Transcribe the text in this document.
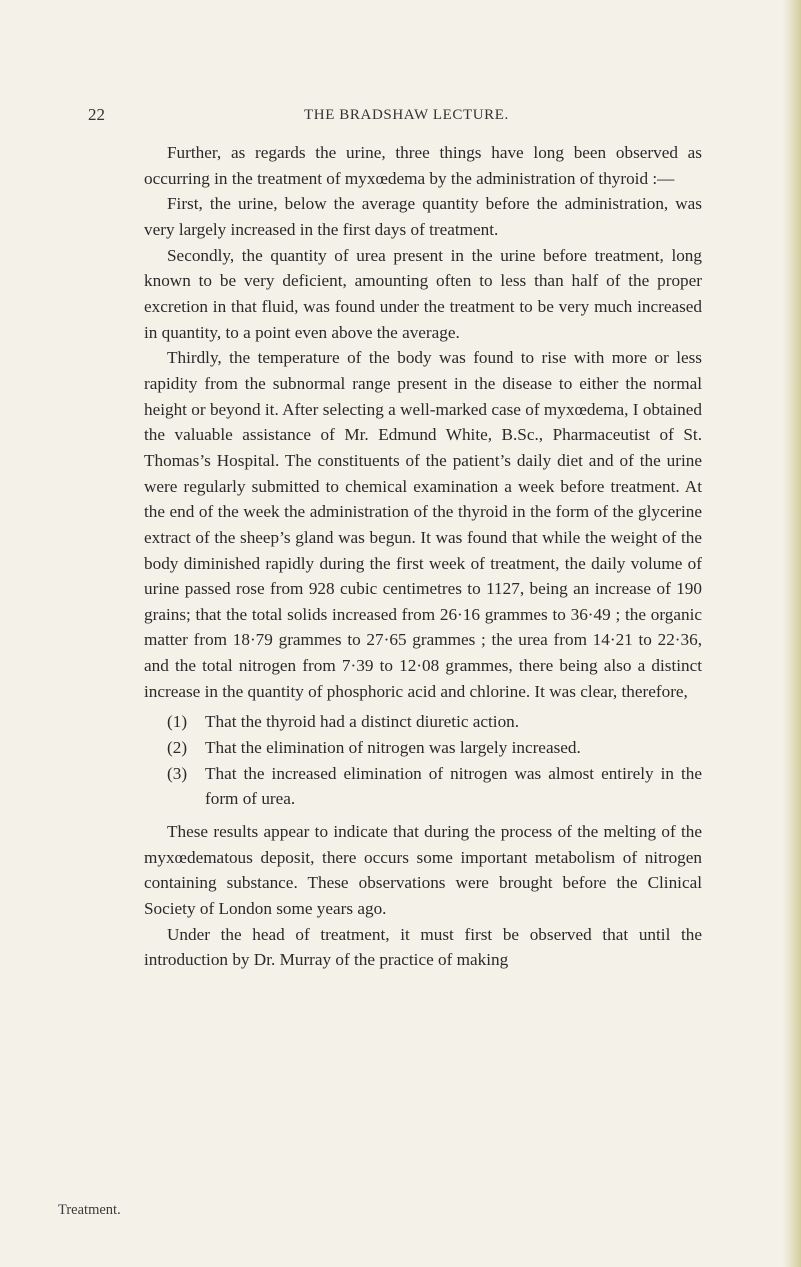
22	THE BRADSHAW LECTURE.

Further, as regards the urine, three things have long been observed as occurring in the treatment of myxœdema by the administration of thyroid :—

First, the urine, below the average quantity before the administration, was very largely increased in the first days of treatment.

Secondly, the quantity of urea present in the urine before treatment, long known to be very deficient, amounting often to less than half of the proper excretion in that fluid, was found under the treatment to be very much increased in quantity, to a point even above the average.

Thirdly, the temperature of the body was found to rise with more or less rapidity from the subnormal range present in the disease to either the normal height or beyond it. After selecting a well-marked case of myxœdema, I obtained the valuable assistance of Mr. Edmund White, B.Sc., Pharmaceutist of St. Thomas’s Hospital. The constituents of the patient’s daily diet and of the urine were regularly submitted to chemical examination a week before treatment. At the end of the week the administration of the thyroid in the form of the glycerine extract of the sheep’s gland was begun. It was found that while the weight of the body diminished rapidly during the first week of treatment, the daily volume of urine passed rose from 928 cubic centimetres to 1127, being an increase of 190 grains; that the total solids increased from 26·16 grammes to 36·49 ; the organic matter from 18·79 grammes to 27·65 grammes ; the urea from 14·21 to 22·36, and the total nitrogen from 7·39 to 12·08 grammes, there being also a distinct increase in the quantity of phosphoric acid and chlorine. It was clear, therefore,

(1) That the thyroid had a distinct diuretic action.
(2) That the elimination of nitrogen was largely increased.
(3) That the increased elimination of nitrogen was almost entirely in the form of urea.

These results appear to indicate that during the process of the melting of the myxœdematous deposit, there occurs some important metabolism of nitrogen containing substance. These observations were brought before the Clinical Society of London some years ago.

Under the head of treatment, it must first be observed that until the introduction by Dr. Murray of the practice of making

Treatment.
